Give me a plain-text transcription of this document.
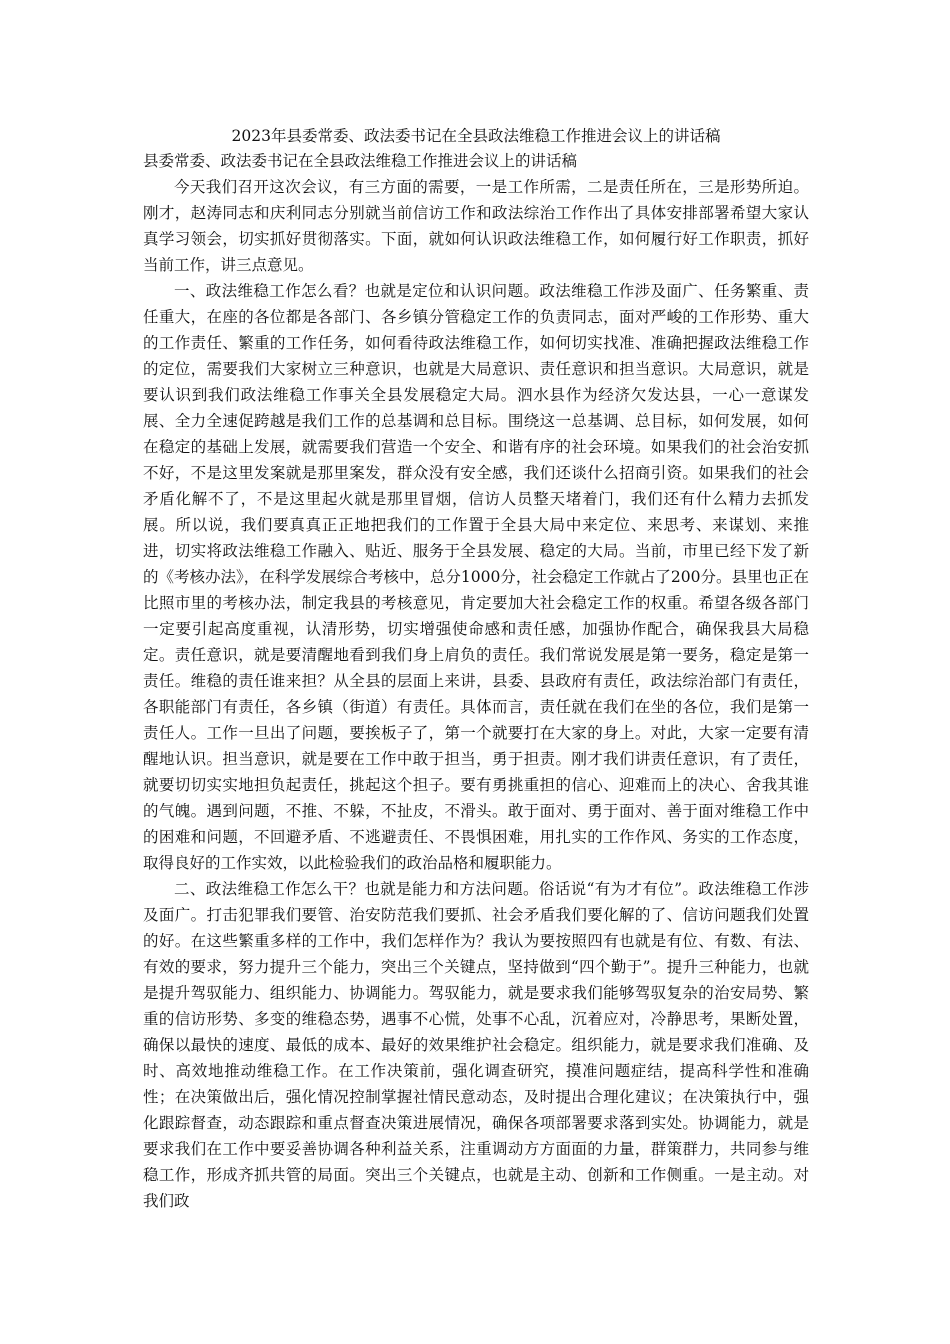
2023年县委常委、政法委书记在全县政法维稳工作推进会议上的讲话稿

县委常委、政法委书记在全县政法维稳工作推进会议上的讲话稿

今天我们召开这次会议，有三方面的需要，一是工作所需，二是责任所在，三是形势所迫。刚才，赵涛同志和庆利同志分别就当前信访工作和政法综治工作作出了具体安排部署希望大家认真学习领会，切实抓好贯彻落实。下面，就如何认识政法维稳工作，如何履行好工作职责，抓好当前工作，讲三点意见。

一、政法维稳工作怎么看？也就是定位和认识问题。政法维稳工作涉及面广、任务繁重、责任重大，在座的各位都是各部门、各乡镇分管稳定工作的负责同志，面对严峻的工作形势、重大的工作责任、繁重的工作任务，如何看待政法维稳工作，如何切实找准、准确把握政法维稳工作的定位，需要我们大家树立三种意识，也就是大局意识、责任意识和担当意识。大局意识，就是要认识到我们政法维稳工作事关全县发展稳定大局。泗水县作为经济欠发达县，一心一意谋发展、全力全速促跨越是我们工作的总基调和总目标。围绕这一总基调、总目标，如何发展，如何在稳定的基础上发展，就需要我们营造一个安全、和谐有序的社会环境。如果我们的社会治安抓不好，不是这里发案就是那里案发，群众没有安全感，我们还谈什么招商引资。如果我们的社会矛盾化解不了，不是这里起火就是那里冒烟，信访人员整天堵着门，我们还有什么精力去抓发展。所以说，我们要真真正正地把我们的工作置于全县大局中来定位、来思考、来谋划、来推进，切实将政法维稳工作融入、贴近、服务于全县发展、稳定的大局。当前，市里已经下发了新的《考核办法》，在科学发展综合考核中，总分1000分，社会稳定工作就占了200分。县里也正在比照市里的考核办法，制定我县的考核意见，肯定要加大社会稳定工作的权重。希望各级各部门一定要引起高度重视，认清形势，切实增强使命感和责任感，加强协作配合，确保我县大局稳定。责任意识，就是要清醒地看到我们身上肩负的责任。我们常说发展是第一要务，稳定是第一责任。维稳的责任谁来担？从全县的层面上来讲，县委、县政府有责任，政法综治部门有责任，各职能部门有责任，各乡镇（街道）有责任。具体而言，责任就在我们在坐的各位，我们是第一责任人。工作一旦出了问题，要挨板子了，第一个就要打在大家的身上。对此，大家一定要有清醒地认识。担当意识，就是要在工作中敢于担当，勇于担责。刚才我们讲责任意识，有了责任，就要切切实实地担负起责任，挑起这个担子。要有勇挑重担的信心、迎难而上的决心、舍我其谁的气魄。遇到问题，不推、不躲，不扯皮，不滑头。敢于面对、勇于面对、善于面对维稳工作中的困难和问题，不回避矛盾、不逃避责任、不畏惧困难，用扎实的工作作风、务实的工作态度，取得良好的工作实效，以此检验我们的政治品格和履职能力。

二、政法维稳工作怎么干？也就是能力和方法问题。俗话说“有为才有位”。政法维稳工作涉及面广。打击犯罪我们要管、治安防范我们要抓、社会矛盾我们要化解的了、信访问题我们处置的好。在这些繁重多样的工作中，我们怎样作为？我认为要按照四有也就是有位、有数、有法、有效的要求，努力提升三个能力，突出三个关键点，坚持做到“四个勤于”。提升三种能力，也就是提升驾驭能力、组织能力、协调能力。驾驭能力，就是要求我们能够驾驭复杂的治安局势、繁重的信访形势、多变的维稳态势，遇事不心慌，处事不心乱，沉着应对，冷静思考，果断处置，确保以最快的速度、最低的成本、最好的效果维护社会稳定。组织能力，就是要求我们准确、及时、高效地推动维稳工作。在工作决策前，强化调查研究，摸准问题症结，提高科学性和准确性；在决策做出后，强化情况控制掌握社情民意动态，及时提出合理化建议；在决策执行中，强化跟踪督查，动态跟踪和重点督查决策进展情况，确保各项部署要求落到实处。协调能力，就是要求我们在工作中要妥善协调各种利益关系，注重调动方方面面的力量，群策群力，共同参与维稳工作，形成齐抓共管的局面。突出三个关键点，也就是主动、创新和工作侧重。一是主动。对我们政
